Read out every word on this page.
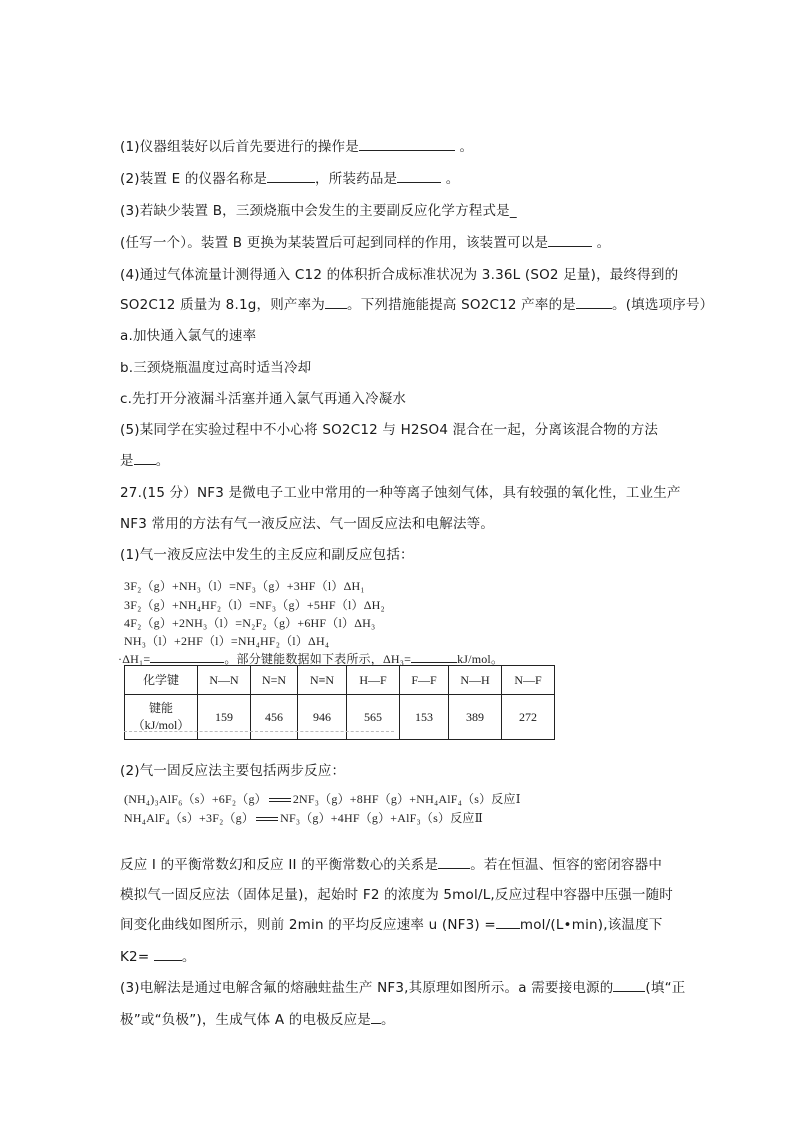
(1)仪器组装好以后首先要进行的操作是	。
(2)装置 E 的仪器名称是	，所装药品是	。
(3)若缺少装置 B，三颈烧瓶中会发生的主要副反应化学方程式是_
(任写一个）。装置 B 更换为某装置后可起到同样的作用，该装置可以是	。
(4)通过气体流量计测得通入 C12 的体积折合成标准状况为 3.36L (SO2 足量)，最终得到的
SO2C12 质量为 8.1g，则产率为 。下列措施能提高 SO2C12 产率的是	。(填选项序号）
a.加快通入氯气的速率
b.三颈烧瓶温度过高时适当冷却
c.先打开分液漏斗活塞并通入氯气再通入冷凝水
(5)某同学在实验过程中不小心将 SO2C12 与 H2SO4 混合在一起，分离该混合物的方法
是 。
27.(15 分）NF3 是微电子工业中常用的一种等离子蚀刻气体，具有较强的氧化性，工业生产
NF3 常用的方法有气一液反应法、气一固反应法和电解法等。
(1)气一液反应法中发生的主反应和副反应包括：
3F₂（g）+NH₃（l）=NF₃（g）+3HF（l）ΔH₁
3F₂（g）+NH₄HF₂（l）=NF₃（g）+5HF（l）ΔH₂
4F₂（g）+2NH₃（l）=N₂F₂（g）+6HF（l）ΔH₃
NH₃（l）+2HF（l）=NH₄HF₂（l）ΔH₄
·ΔH₁=	。部分键能数据如下表所示，ΔH₃=	kJ/mol。
化学键	N—N	N=N	N≡N	H—F	F—F	N—H	N—F

键能
（kJ/mol）	159	456	946	565	153	389	272
(2)气一固反应法主要包括两步反应：
(NH₄)₃AlF₆（s）+6F₂（g） 2NF₃（g）+8HF（g）+NH₄AlF₄（s）反应Ⅰ
NH₄AlF₄（s）+3F₂（g） NF₃（g）+4HF（g）+AlF₃（s）反应Ⅱ
反应 I 的平衡常数幻和反应 II 的平衡常数心的关系是 。若在恒温、恒容的密闭容器中
模拟气一固反应法（固体足量)，起始时 F2 的浓度为 5mol/L,反应过程中容器中压强一随时
间变化曲线如图所示，则前 2min 的平均反应速率 u (NF3) = mol/(L•min),该温度下
K2= 。
(3)电解法是通过电解含氟的熔融蛀盐生产 NF3,其原理如图所示。a 需要接电源的 (填“正
极”或“负极”)，生成气体 A 的电极反应是 。
